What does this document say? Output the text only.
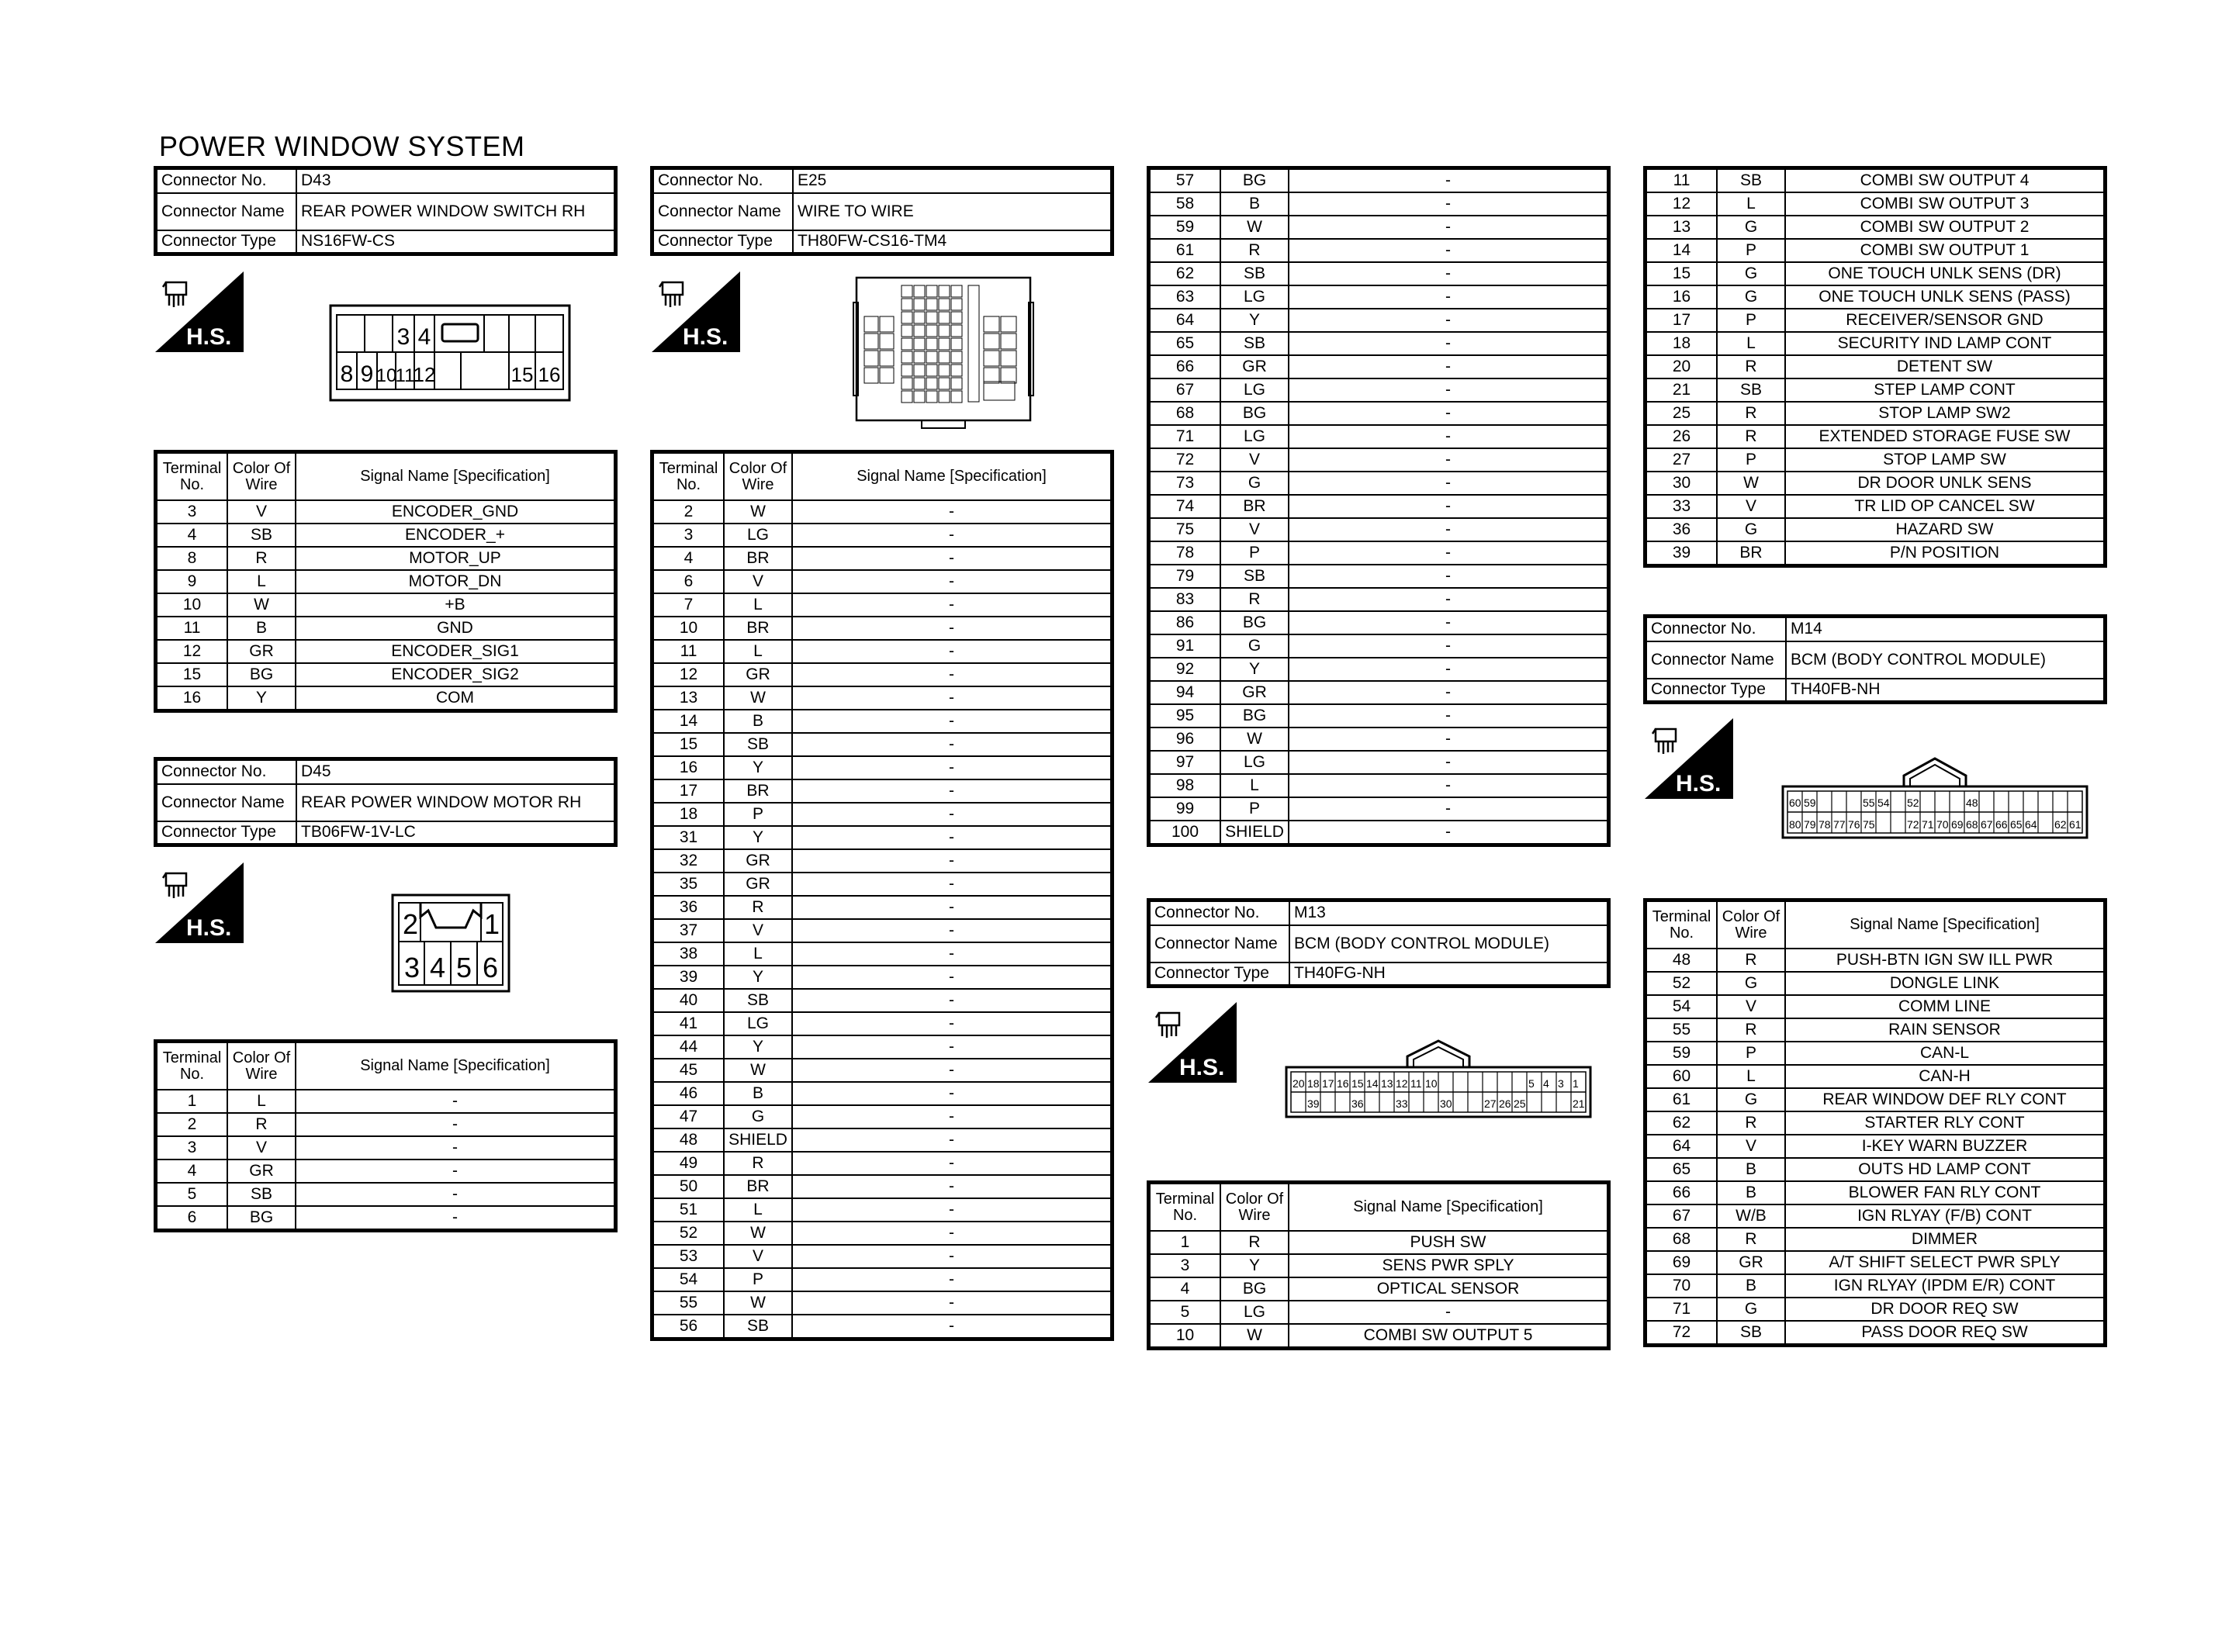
POWER WINDOW SYSTEM
Connector No.	D43
Connector Name	REAR POWER WINDOW SWITCH RH
Connector Type	NS16FW-CS
H.S.	3 4
8 9 10
11
12	15 16
Terminal No.	Color Of Wire	Signal Name [Specification]
3	V	ENCODER_GND
4	SB	ENCODER_+
8	R	MOTOR_UP
9	L	MOTOR_DN
10	W	+B
11	B	GND
12	GR	ENCODER_SIG1
15	BG	ENCODER_SIG2
16	Y	COM
Connector No.	D45
Connector Name	REAR POWER WINDOW MOTOR RH
Connector Type	TB06FW-1V-LC
H.S.	2 1
3 4 5 6
Terminal No.	Color Of Wire	Signal Name [Specification]
1	L	-
2	R	-
3	V	-
4	GR	-
5	SB	-
6	BG	-
Connector No.	E25
Connector Name	WIRE TO WIRE
Connector Type	TH80FW-CS16-TM4
H.S.
Terminal No.	Color Of Wire	Signal Name [Specification]
2	W	-
3	LG	-
4	BR	-
6	V	-
7	L	-
10	BR	-
11	L	-
12	GR	-
13	W	-
14	B	-
15	SB	-
16	Y	-
17	BR	-
18	P	-
31	Y	-
32	GR	-
35	GR	-
36	R	-
37	V	-
38	L	-
39	Y	-
40	SB	-
41	LG	-
44	Y	-
45	W	-
46	B	-
47	G	-
48	SHIELD	-
49	R	-
50	BR	-
51	L	-
52	W	-
53	V	-
54	P	-
55	W	-
56	SB	-
57	BG	-
58	B	-
59	W	-
61	R	-
62	SB	-
63	LG	-
64	Y	-
65	SB	-
66	GR	-
67	LG	-
68	BG	-
71	LG	-
72	V	-
73	G	-
74	BR	-
75	V	-
78	P	-
79	SB	-
83	R	-
86	BG	-
91	G	-
92	Y	-
94	GR	-
95	BG	-
96	W	-
97	LG	-
98	L	-
99	P	-
100	SHIELD	-
Connector No.	M13
Connector Name	BCM (BODY CONTROL MODULE)
Connector Type	TH40FG-NH
H.S.
20 18 17 16 15 14 13 12 11 10	5 4 3 1
39	36	33	30	27 26 25	21
Terminal No.	Color Of Wire	Signal Name [Specification]
1	R	PUSH SW
3	Y	SENS PWR SPLY
4	BG	OPTICAL SENSOR
5	LG	-
10	W	COMBI SW OUTPUT 5
11	SB	COMBI SW OUTPUT 4
12	L	COMBI SW OUTPUT 3
13	G	COMBI SW OUTPUT 2
14	P	COMBI SW OUTPUT 1
15	G	ONE TOUCH UNLK SENS (DR)
16	G	ONE TOUCH UNLK SENS (PASS)
17	P	RECEIVER/SENSOR GND
18	L	SECURITY IND LAMP CONT
20	R	DETENT SW
21	SB	STEP LAMP CONT
25	R	STOP LAMP SW2
26	R	EXTENDED STORAGE FUSE SW
27	P	STOP LAMP SW
30	W	DR DOOR UNLK SENS
33	V	TR LID OP CANCEL SW
36	G	HAZARD SW
39	BR	P/N POSITION
Connector No.	M14
Connector Name	BCM (BODY CONTROL MODULE)
Connector Type	TH40FB-NH
H.S.
60 59	55 54 52	48
80 79 78 77 76 75	72 71 70 69 68 67 66 65 64 62 61
Terminal No.	Color Of Wire	Signal Name [Specification]
48	R	PUSH-BTN IGN SW ILL PWR
52	G	DONGLE LINK
54	V	COMM LINE
55	R	RAIN SENSOR
59	P	CAN-L
60	L	CAN-H
61	G	REAR WINDOW DEF RLY CONT
62	R	STARTER RLY CONT
64	V	I-KEY WARN BUZZER
65	B	OUTS HD LAMP CONT
66	B	BLOWER FAN RLY CONT
67	W/B	IGN RLYAY (F/B) CONT
68	R	DIMMER
69	GR	A/T SHIFT SELECT PWR SPLY
70	B	IGN RLYAY (IPDM E/R) CONT
71	G	DR DOOR REQ SW
72	SB	PASS DOOR REQ SW
